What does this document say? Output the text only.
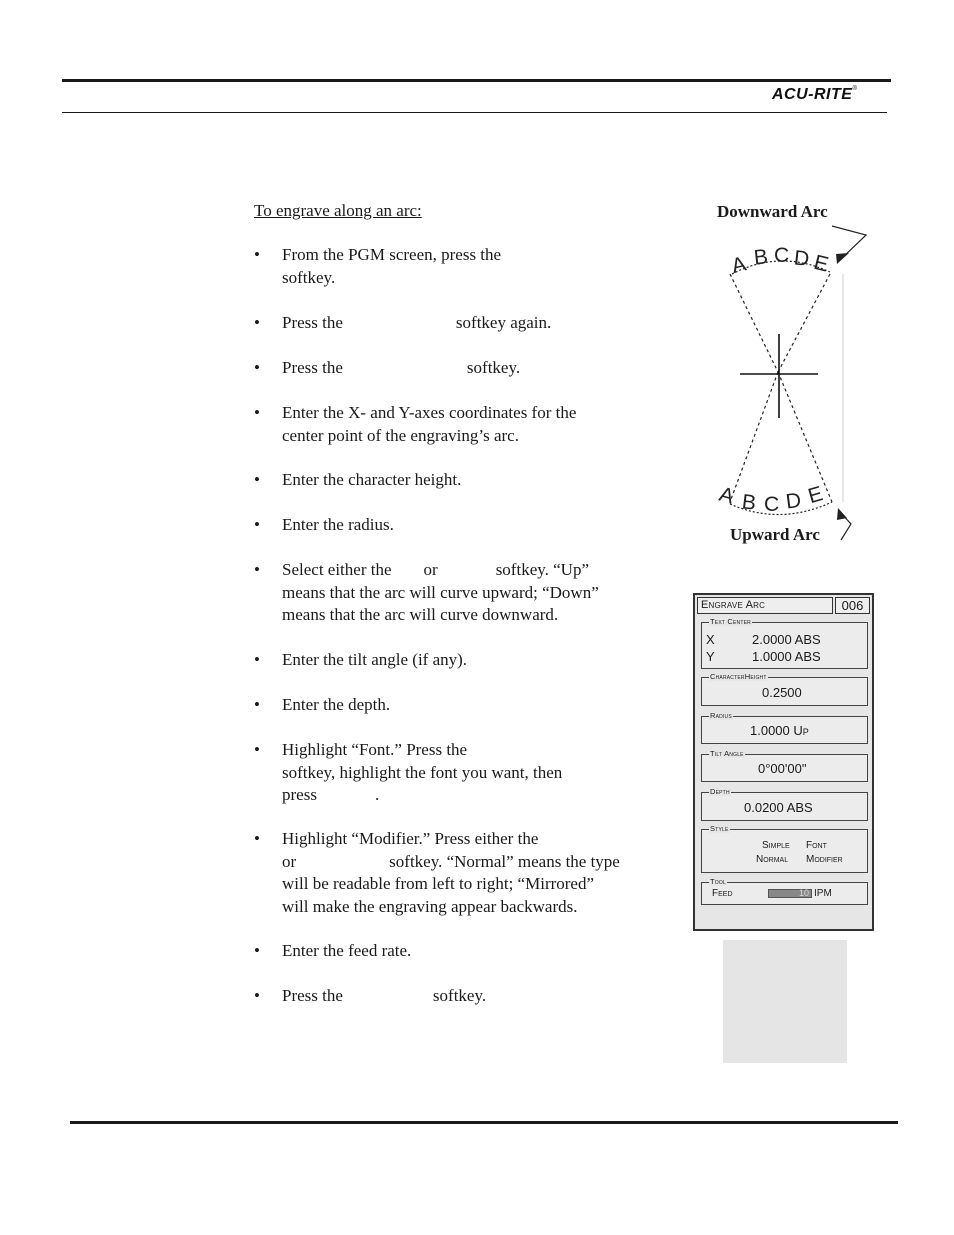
ACU-RITE®

To engrave along an arc:

• From the PGM screen, press the
softkey.
• Press the	softkey again.
• Press the	softkey.
• Enter the X- and Y-axes coordinates for the
center point of the engraving’s arc.
• Enter the character height.
• Enter the radius.
• Select either the or	softkey. “Up”
means that the arc will curve upward; “Down”
means that the arc will curve downward.
• Enter the tilt angle (if any).
• Enter the depth.
• Highlight “Font.” Press the
softkey, highlight the font you want, then
press	.
• Highlight “Modifier.” Press either the
or	softkey. “Normal” means the type
will be readable from left to right; “Mirrored”
will make the engraving appear backwards.
• Enter the feed rate.
• Press the	softkey.
Downward Arc
Upward Arc
A B C D E
A B C D E
Engrave Arc	006
Text Center
X	2.0000 ABS
Y	1.0000 ABS
CharacterHeight
0.2500
Radius
1.0000 Up
Tilt Angle
0°00'00"
Depth
0.0200 ABS
Style
Simple Font
Normal Modifier
Tool
Feed	10 IPM
